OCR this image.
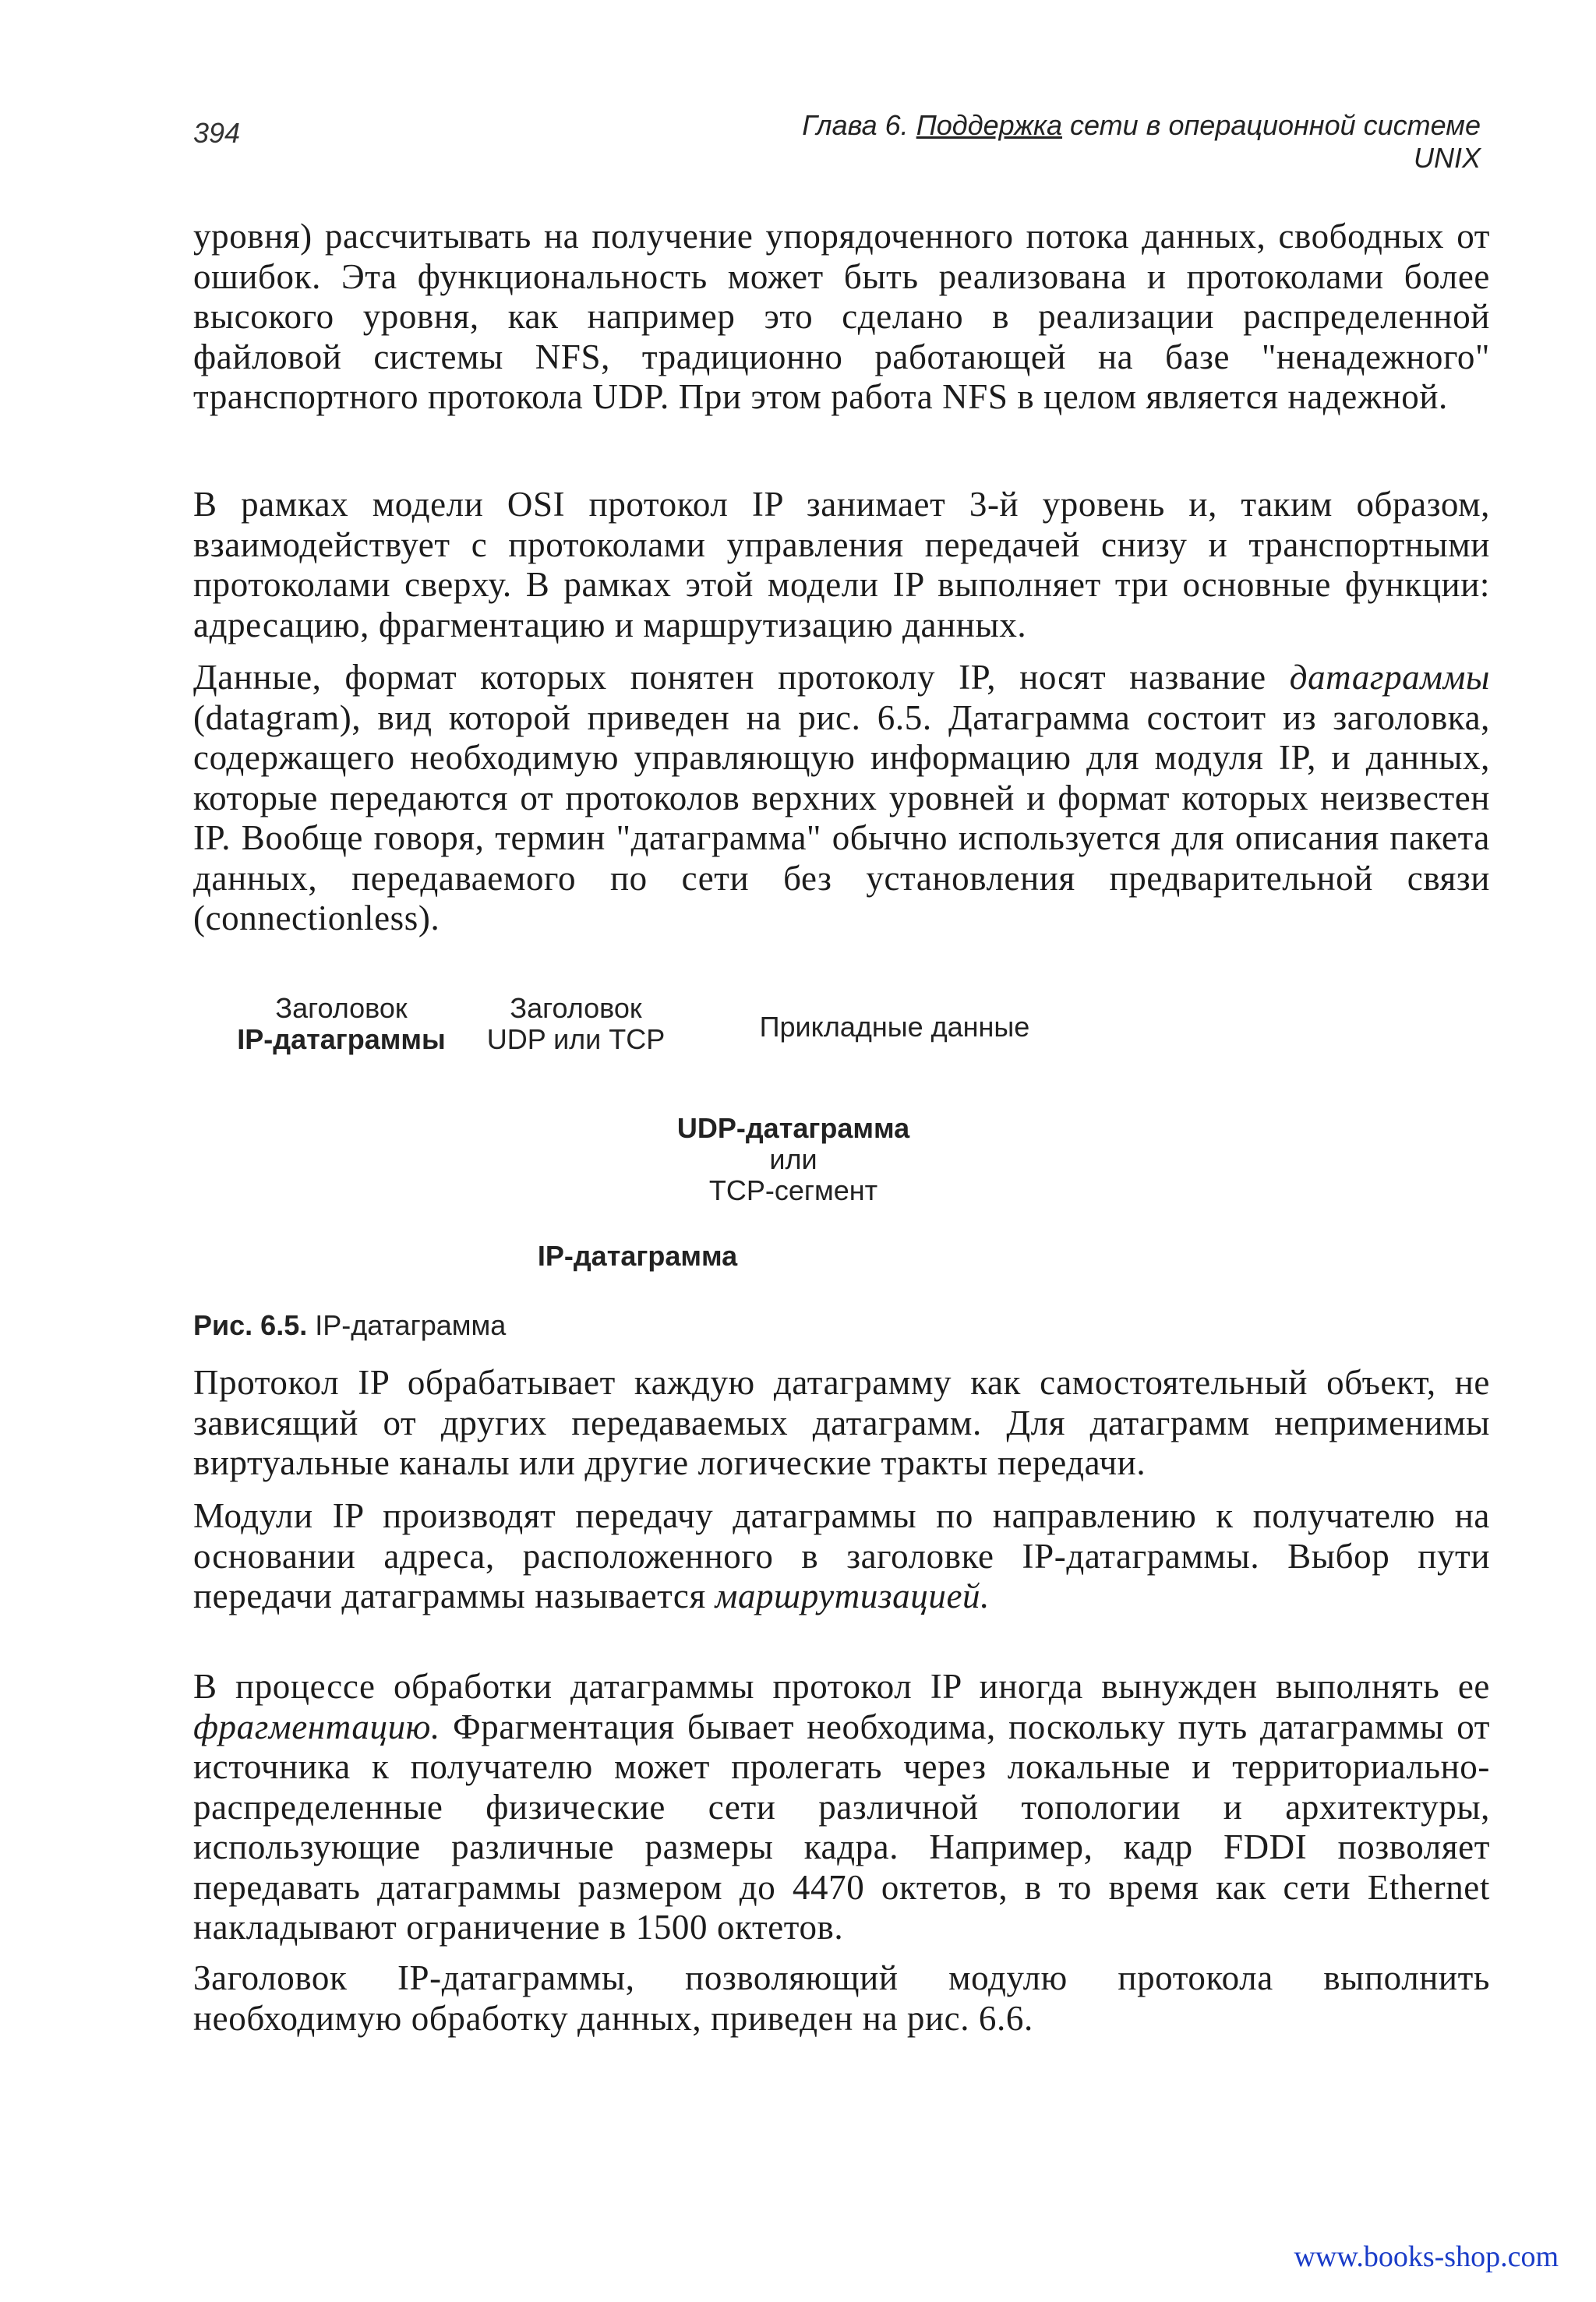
394	Глава 6. Поддержка сети в операционной системе UNIX

уровня) рассчитывать на получение упорядоченного потока данных, свободных от ошибок. Эта функциональность может быть реализована и протоколами более высокого уровня, как например это сделано в реализации распределенной файловой системы NFS, традиционно работающей на базе "ненадежного" транспортного протокола UDP. При этом работа NFS в целом является надежной.

В рамках модели OSI протокол IP занимает 3-й уровень и, таким образом, взаимодействует с протоколами управления передачей снизу и транспортными протоколами сверху. В рамках этой модели IP выполняет три основные функции: адресацию, фрагментацию и маршрутизацию данных.

Данные, формат которых понятен протоколу IP, носят название датаграммы (datagram), вид которой приведен на рис. 6.5. Датаграмма состоит из заголовка, содержащего необходимую управляющую информацию для модуля IP, и данных, которые передаются от протоколов верхних уровней и формат которых неизвестен IP. Вообще говоря, термин "датаграмма" обычно используется для описания пакета данных, передаваемого по сети без установления предварительной связи (connectionless).

Заголовок
IP-датаграммы
Заголовок
UDP или TCP	Прикладные данные
UDP-датаграмма
или
TCP-сегмент
IP-датаграмма
Рис. 6.5. IP-датаграмма

Протокол IP обрабатывает каждую датаграмму как самостоятельный объект, не зависящий от других передаваемых датаграмм. Для датаграмм неприменимы виртуальные каналы или другие логические тракты передачи.

Модули IP производят передачу датаграммы по направлению к получателю на основании адреса, расположенного в заголовке IP-датаграммы. Выбор пути передачи датаграммы называется маршрутизацией.

В процессе обработки датаграммы протокол IP иногда вынужден выполнять ее фрагментацию. Фрагментация бывает необходима, поскольку путь датаграммы от источника к получателю может пролегать через локальные и территориально-распределенные физические сети различной топологии и архитектуры, использующие различные размеры кадра. Например, кадр FDDI позволяет передавать датаграммы размером до 4470 октетов, в то время как сети Ethernet накладывают ограничение в 1500 октетов.

Заголовок IP-датаграммы, позволяющий модулю протокола выполнить необходимую обработку данных, приведен на рис. 6.6.

www.books-shop.com
